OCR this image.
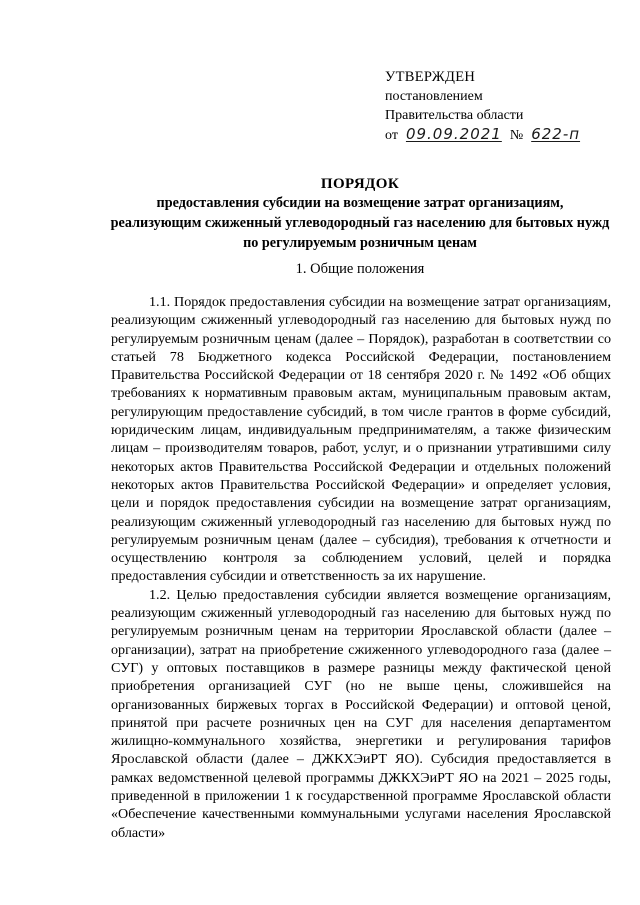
УТВЕРЖДЕН
постановлением
Правительства области
от 09.09.2021 № 622-п
ПОРЯДОК
предоставления субсидии на возмещение затрат организациям, реализующим сжиженный углеводородный газ населению для бытовых нужд по регулируемым розничным ценам
1. Общие положения

1.1. Порядок предоставления субсидии на возмещение затрат организациям, реализующим сжиженный углеводородный газ населению для бытовых нужд по регулируемым розничным ценам (далее – Порядок), разработан в соответствии со статьей 78 Бюджетного кодекса Российской Федерации, постановлением Правительства Российской Федерации от 18 сентября 2020 г. № 1492 «Об общих требованиях к нормативным правовым актам, муниципальным правовым актам, регулирующим предоставление субсидий, в том числе грантов в форме субсидий, юридическим лицам, индивидуальным предпринимателям, а также физическим лицам – производителям товаров, работ, услуг, и о признании утратившими силу некоторых актов Правительства Российской Федерации и отдельных положений некоторых актов Правительства Российской Федерации» и определяет условия, цели и порядок предоставления субсидии на возмещение затрат организациям, реализующим сжиженный углеводородный газ населению для бытовых нужд по регулируемым розничным ценам (далее – субсидия), требования к отчетности и осуществлению контроля за соблюдением условий, целей и порядка предоставления субсидии и ответственность за их нарушение.

1.2. Целью предоставления субсидии является возмещение организациям, реализующим сжиженный углеводородный газ населению для бытовых нужд по регулируемым розничным ценам на территории Ярославской области (далее – организации), затрат на приобретение сжиженного углеводородного газа (далее – СУГ) у оптовых поставщиков в размере разницы между фактической ценой приобретения организацией СУГ (но не выше цены, сложившейся на организованных биржевых торгах в Российской Федерации) и оптовой ценой, принятой при расчете розничных цен на СУГ для населения департаментом жилищно-коммунального хозяйства, энергетики и регулирования тарифов Ярославской области (далее – ДЖКХЭиРТ ЯО). Субсидия предоставляется в рамках ведомственной целевой программы ДЖКХЭиРТ ЯО на 2021 – 2025 годы, приведенной в приложении 1 к государственной программе Ярославской области «Обеспечение качественными коммунальными услугами населения Ярославской области»
